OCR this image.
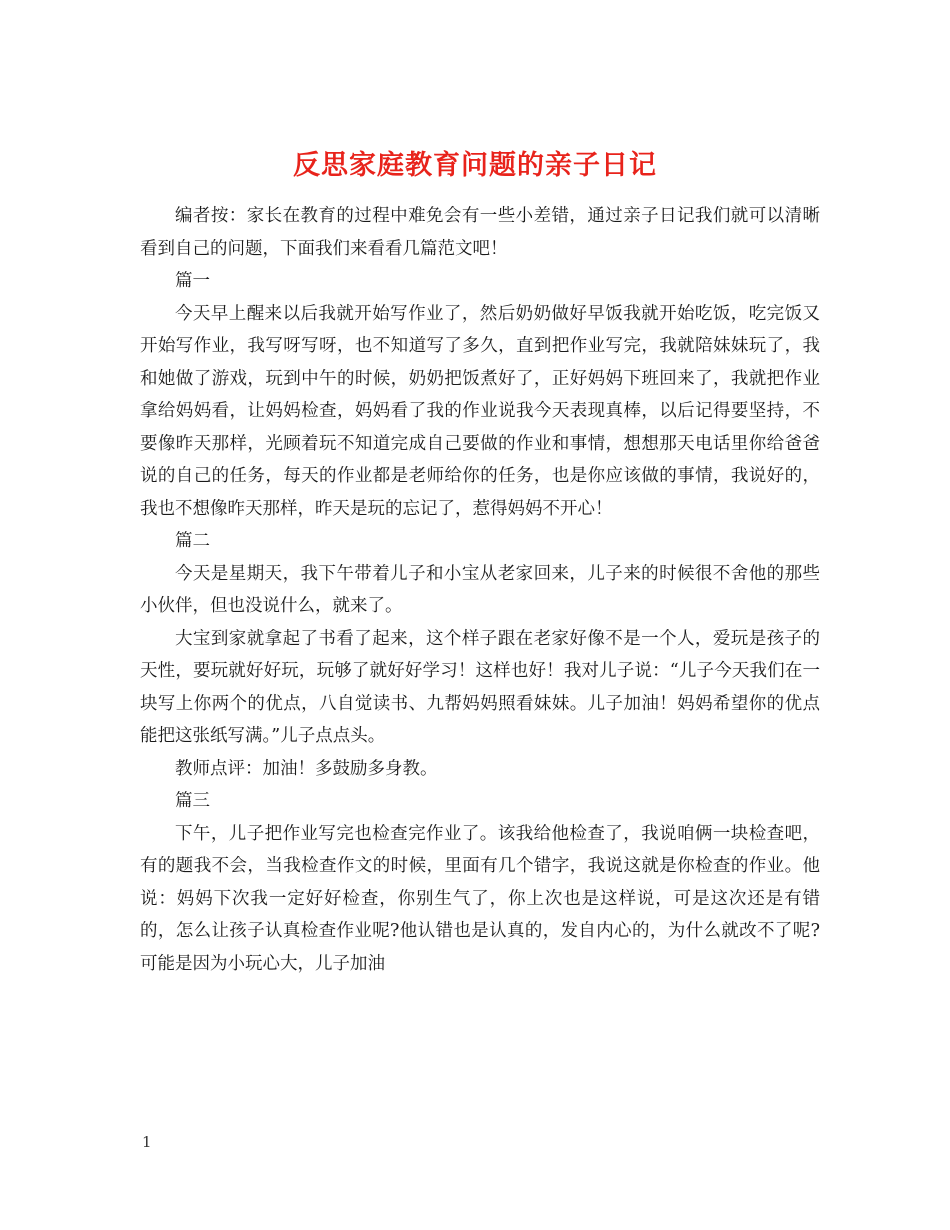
反思家庭教育问题的亲子日记

编者按：家长在教育的过程中难免会有一些小差错，通过亲子日记我们就可以清晰看到自己的问题，下面我们来看看几篇范文吧！

篇一

今天早上醒来以后我就开始写作业了，然后奶奶做好早饭我就开始吃饭，吃完饭又开始写作业，我写呀写呀，也不知道写了多久，直到把作业写完，我就陪妹妹玩了，我和她做了游戏，玩到中午的时候，奶奶把饭煮好了，正好妈妈下班回来了，我就把作业拿给妈妈看，让妈妈检查，妈妈看了我的作业说我今天表现真棒，以后记得要坚持，不要像昨天那样，光顾着玩不知道完成自己要做的作业和事情，想想那天电话里你给爸爸说的自己的任务，每天的作业都是老师给你的任务，也是你应该做的事情，我说好的，我也不想像昨天那样，昨天是玩的忘记了，惹得妈妈不开心！

篇二

今天是星期天，我下午带着儿子和小宝从老家回来，儿子来的时候很不舍他的那些小伙伴，但也没说什么，就来了。

大宝到家就拿起了书看了起来，这个样子跟在老家好像不是一个人，爱玩是孩子的天性，要玩就好好玩，玩够了就好好学习！这样也好！我对儿子说：“儿子今天我们在一块写上你两个的优点，八自觉读书、九帮妈妈照看妹妹。儿子加油！妈妈希望你的优点能把这张纸写满。”儿子点点头。

教师点评：加油！多鼓励多身教。

篇三

下午，儿子把作业写完也检查完作业了。该我给他检查了，我说咱俩一块检查吧，有的题我不会，当我检查作文的时候，里面有几个错字，我说这就是你检查的作业。他说：妈妈下次我一定好好检查，你别生气了，你上次也是这样说，可是这次还是有错的，怎么让孩子认真检查作业呢?他认错也是认真的，发自内心的，为什么就改不了呢?可能是因为小玩心大，儿子加油

1
